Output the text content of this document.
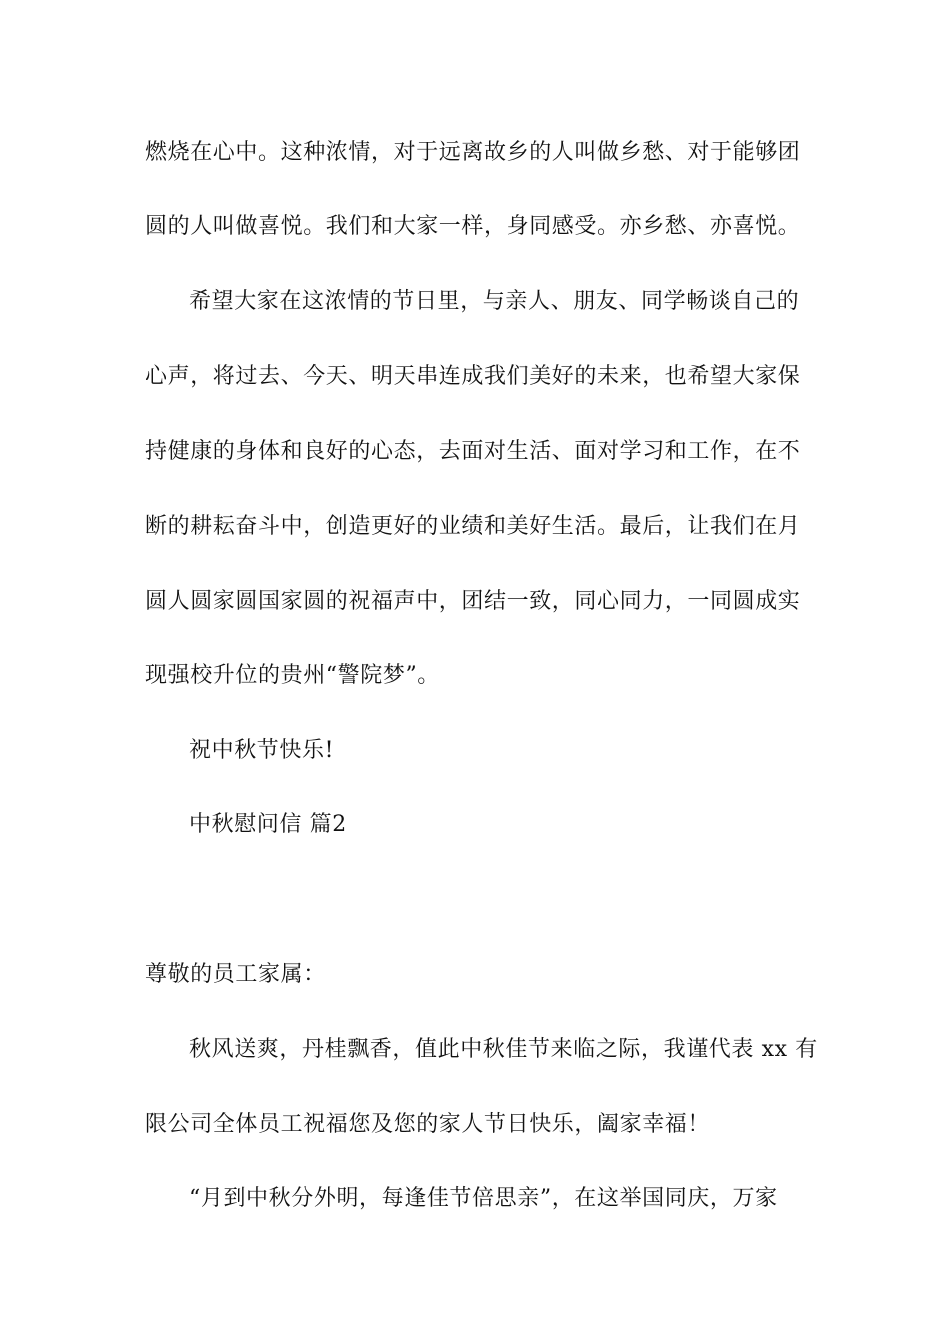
燃烧在心中。这种浓情，对于远离故乡的人叫做乡愁、对于能够团
圆的人叫做喜悦。我们和大家一样，身同感受。亦乡愁、亦喜悦。
希望大家在这浓情的节日里，与亲人、朋友、同学畅谈自己的
心声，将过去、今天、明天串连成我们美好的未来，也希望大家保
持健康的身体和良好的心态，去面对生活、面对学习和工作，在不
断的耕耘奋斗中，创造更好的业绩和美好生活。最后，让我们在月
圆人圆家圆国家圆的祝福声中，团结一致，同心同力，一同圆成实
现强校升位的贵州“警院梦”。
祝中秋节快乐!
中秋慰问信 篇2
尊敬的员工家属：
秋风送爽，丹桂飘香，值此中秋佳节来临之际，我谨代表 xx 有
限公司全体员工祝福您及您的家人节日快乐，阖家幸福！
“月到中秋分外明，每逢佳节倍思亲”，在这举国同庆，万家
